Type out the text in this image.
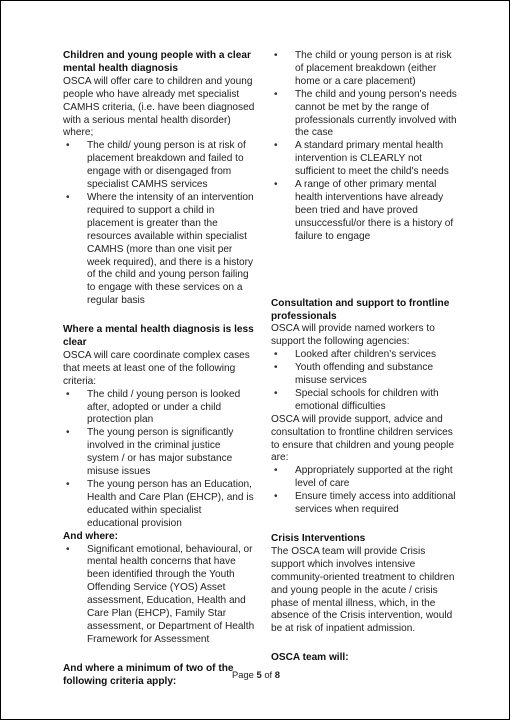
Children and young people with a clear mental health diagnosis

OSCA will offer care to children and young people who have already met specialist CAMHS criteria, (i.e. have been diagnosed with a serious mental health disorder) where;

• The child/ young person is at risk of placement breakdown and failed to engage with or disengaged from specialist CAMHS services
• Where the intensity of an intervention required to support a child in placement is greater than the resources available within specialist CAMHS (more than one visit per week required), and there is a history of the child and young person failing to engage with these services on a regular basis
Where a mental health diagnosis is less clear

OSCA will care coordinate complex cases that meets at least one of the following criteria:

• The child / young person is looked after, adopted or under a child protection plan
• The young person is significantly involved in the criminal justice system / or has major substance misuse issues
• The young person has an Education, Health and Care Plan (EHCP), and is educated within specialist educational provision
And where:
• Significant emotional, behavioural, or mental health concerns that have been identified through the Youth Offending Service (YOS) Asset assessment, Education, Health and Care Plan (EHCP), Family Star assessment, or Department of Health Framework for Assessment
And where a minimum of two of the following criteria apply:
• The child or young person is at risk of placement breakdown (either home or a care placement)
• The child and young person's needs cannot be met by the range of professionals currently involved with the case
• A standard primary mental health intervention is CLEARLY not sufficient to meet the child's needs
• A range of other primary mental health interventions have already been tried and have proved unsuccessful/or there is a history of failure to engage
Consultation and support to frontline professionals

OSCA will provide named workers to support the following agencies:

• Looked after children's services
• Youth offending and substance misuse services
• Special schools for children with emotional difficulties

OSCA will provide support, advice and consultation to frontline children services to ensure that children and young people are:

• Appropriately supported at the right level of care
• Ensure timely access into additional services when required
Crisis Interventions

The OSCA team will provide Crisis support which involves intensive community-oriented treatment to children and young people in the acute / crisis phase of mental illness, which, in the absence of the Crisis intervention, would be at risk of inpatient admission.

OSCA team will:
Page 5 of 8
